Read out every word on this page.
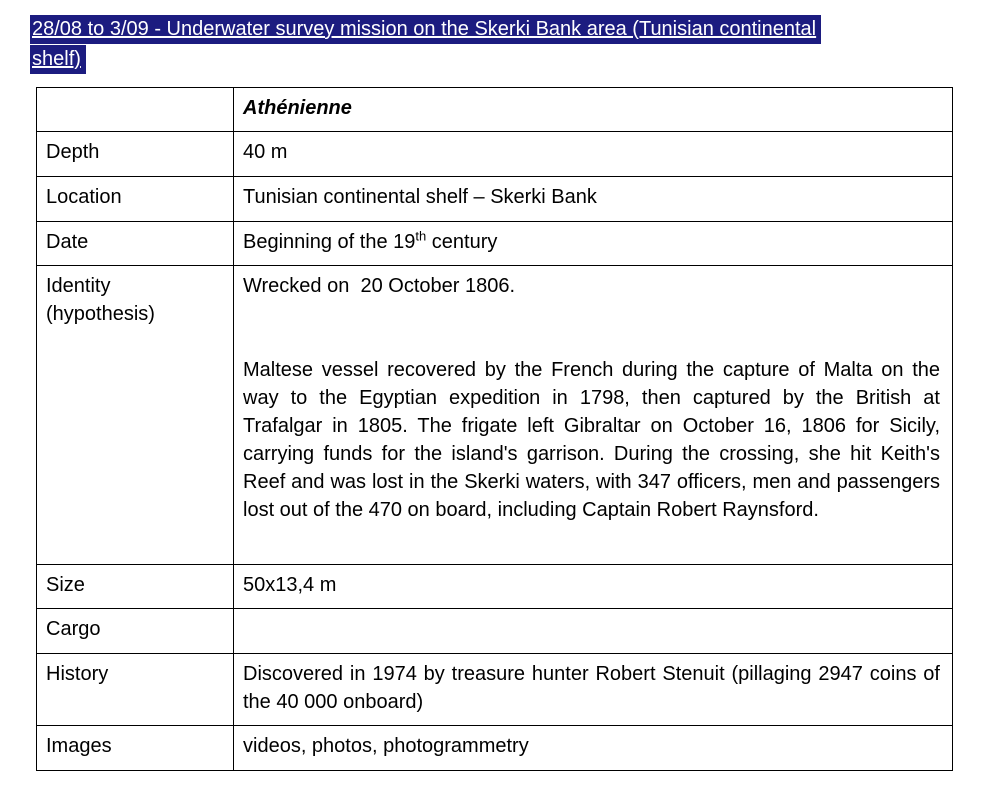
28/08 to 3/09 - Underwater survey mission on the Skerki Bank area (Tunisian continental
shelf)
	Athénienne
Depth	40 m
Location	Tunisian continental shelf – Skerki Bank
Date	Beginning of the 19th century
Identity (hypothesis)	Wrecked on  20 October 1806.

Maltese vessel recovered by the French during the capture of Malta on the way to the Egyptian expedition in 1798, then captured by the British at Trafalgar in 1805. The frigate left Gibraltar on October 16, 1806 for Sicily, carrying funds for the island's garrison. During the crossing, she hit Keith's Reef and was lost in the Skerki waters, with 347 officers, men and passengers lost out of the 470 on board, including Captain Robert Raynsford.

Size	50x13,4 m
Cargo	
History	Discovered in 1974 by treasure hunter Robert Stenuit (pillaging 2947 coins of the 40 000 onboard)
Images	videos, photos, photogrammetry
